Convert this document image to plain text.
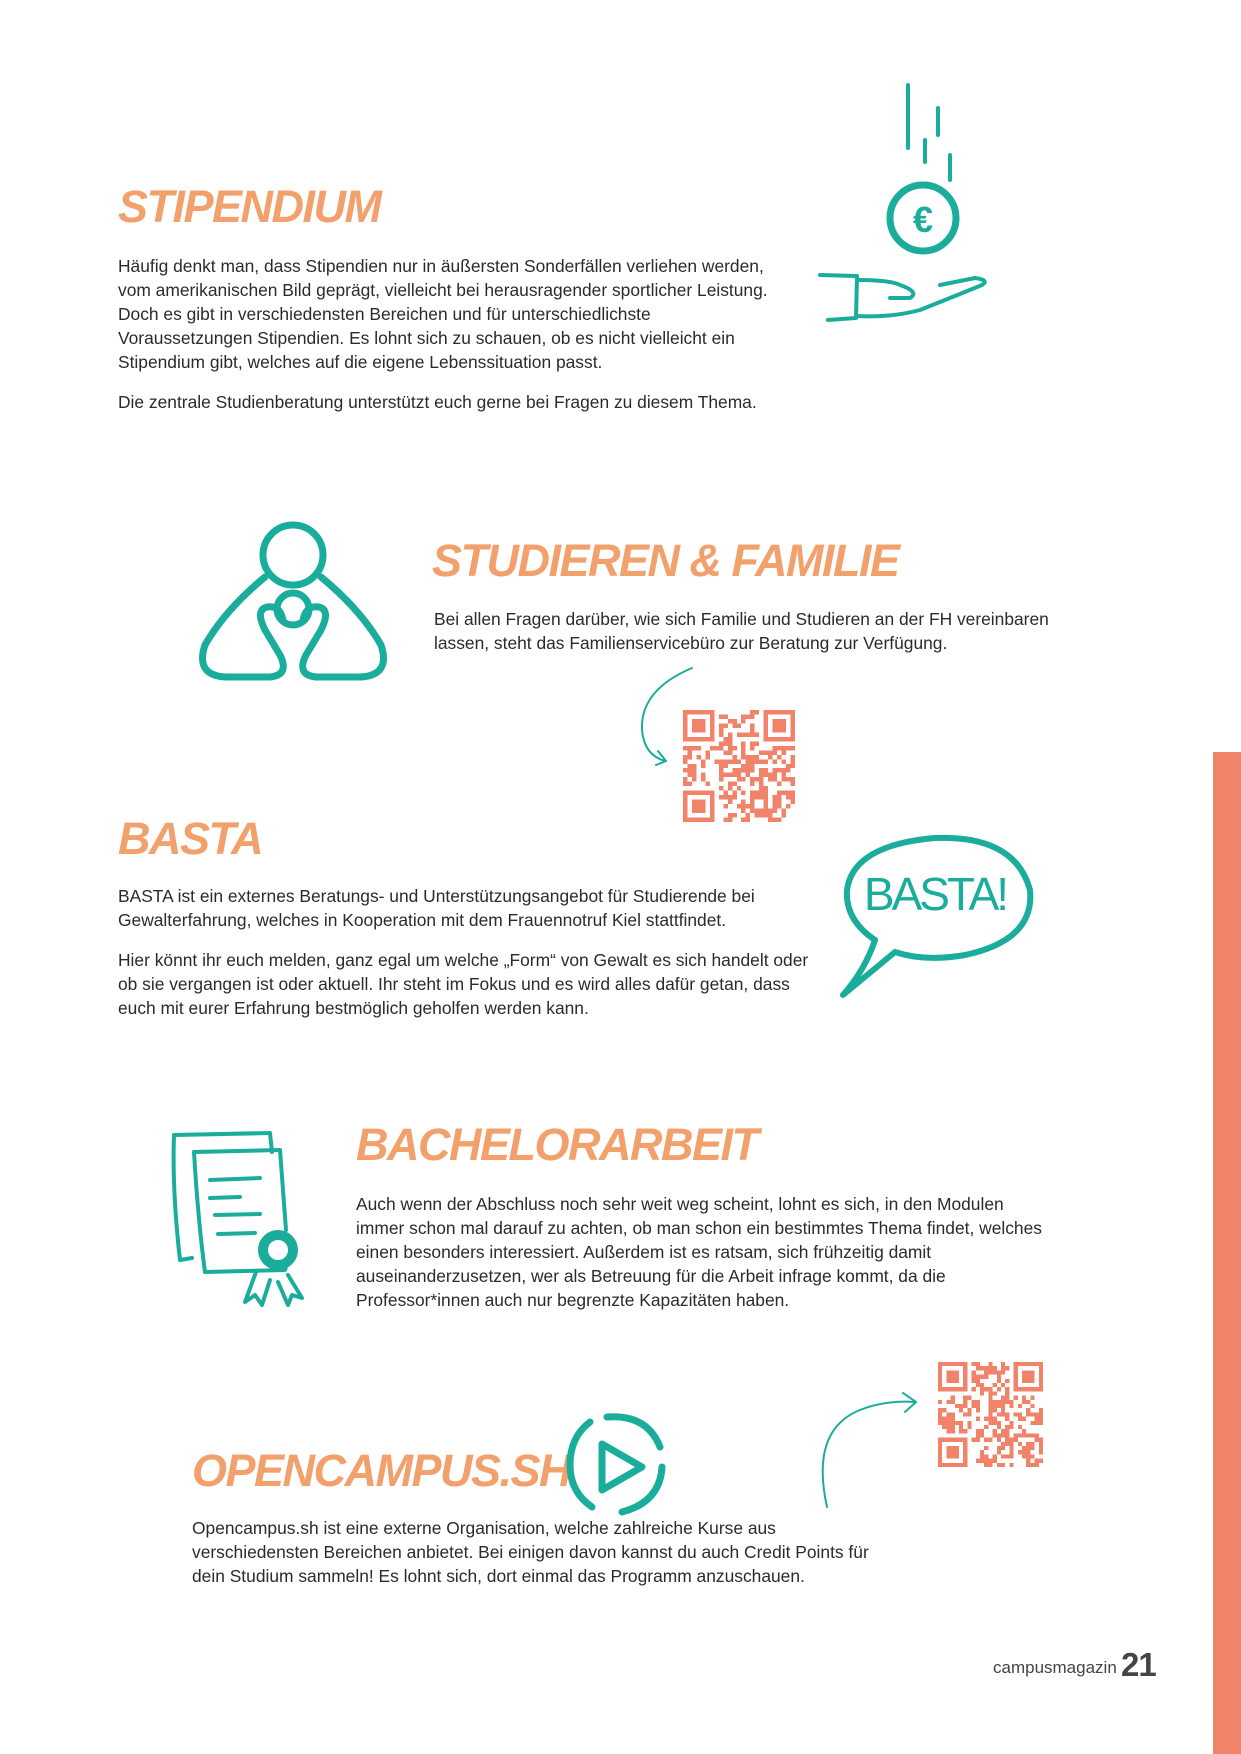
STIPENDIUM

Häufig denkt man, dass Stipendien nur in äußersten Sonderfällen verliehen werden, vom amerikanischen Bild geprägt, vielleicht bei herausragender sportlicher Leistung. Doch es gibt in verschiedensten Bereichen und für unterschiedlichste Voraussetzungen Stipendien. Es lohnt sich zu schauen, ob es nicht vielleicht ein Stipendium gibt, welches auf die eigene Lebenssituation passt.

Die zentrale Studienberatung unterstützt euch gerne bei Fragen zu diesem Thema.

€
STUDIEREN & FAMILIE

Bei allen Fragen darüber, wie sich Familie und Studieren an der FH vereinbaren lassen, steht das Familienservicebüro zur Beratung zur Verfügung.

BASTA

BASTA ist ein externes Beratungs- und Unterstützungsangebot für Studierende bei Gewalterfahrung, welches in Kooperation mit dem Frauennotruf Kiel stattfindet.

Hier könnt ihr euch melden, ganz egal um welche „Form“ von Gewalt es sich handelt oder ob sie vergangen ist oder aktuell. Ihr steht im Fokus und es wird alles dafür getan, dass euch mit eurer Erfahrung bestmöglich geholfen werden kann.

BASTA!
BACHELORARBEIT

Auch wenn der Abschluss noch sehr weit weg scheint, lohnt es sich, in den Modulen immer schon mal darauf zu achten, ob man schon ein bestimmtes Thema findet, welches einen besonders interessiert. Außerdem ist es ratsam, sich frühzeitig damit auseinanderzusetzen, wer als Betreuung für die Arbeit infrage kommt, da die Professor*innen auch nur begrenzte Kapazitäten haben.

OPENCAMPUS.SH

Opencampus.sh ist eine externe Organisation, welche zahlreiche Kurse aus verschiedensten Bereichen anbietet. Bei einigen davon kannst du auch Credit Points für dein Studium sammeln! Es lohnt sich, dort einmal das Programm anzuschauen.

campusmagazin 21
